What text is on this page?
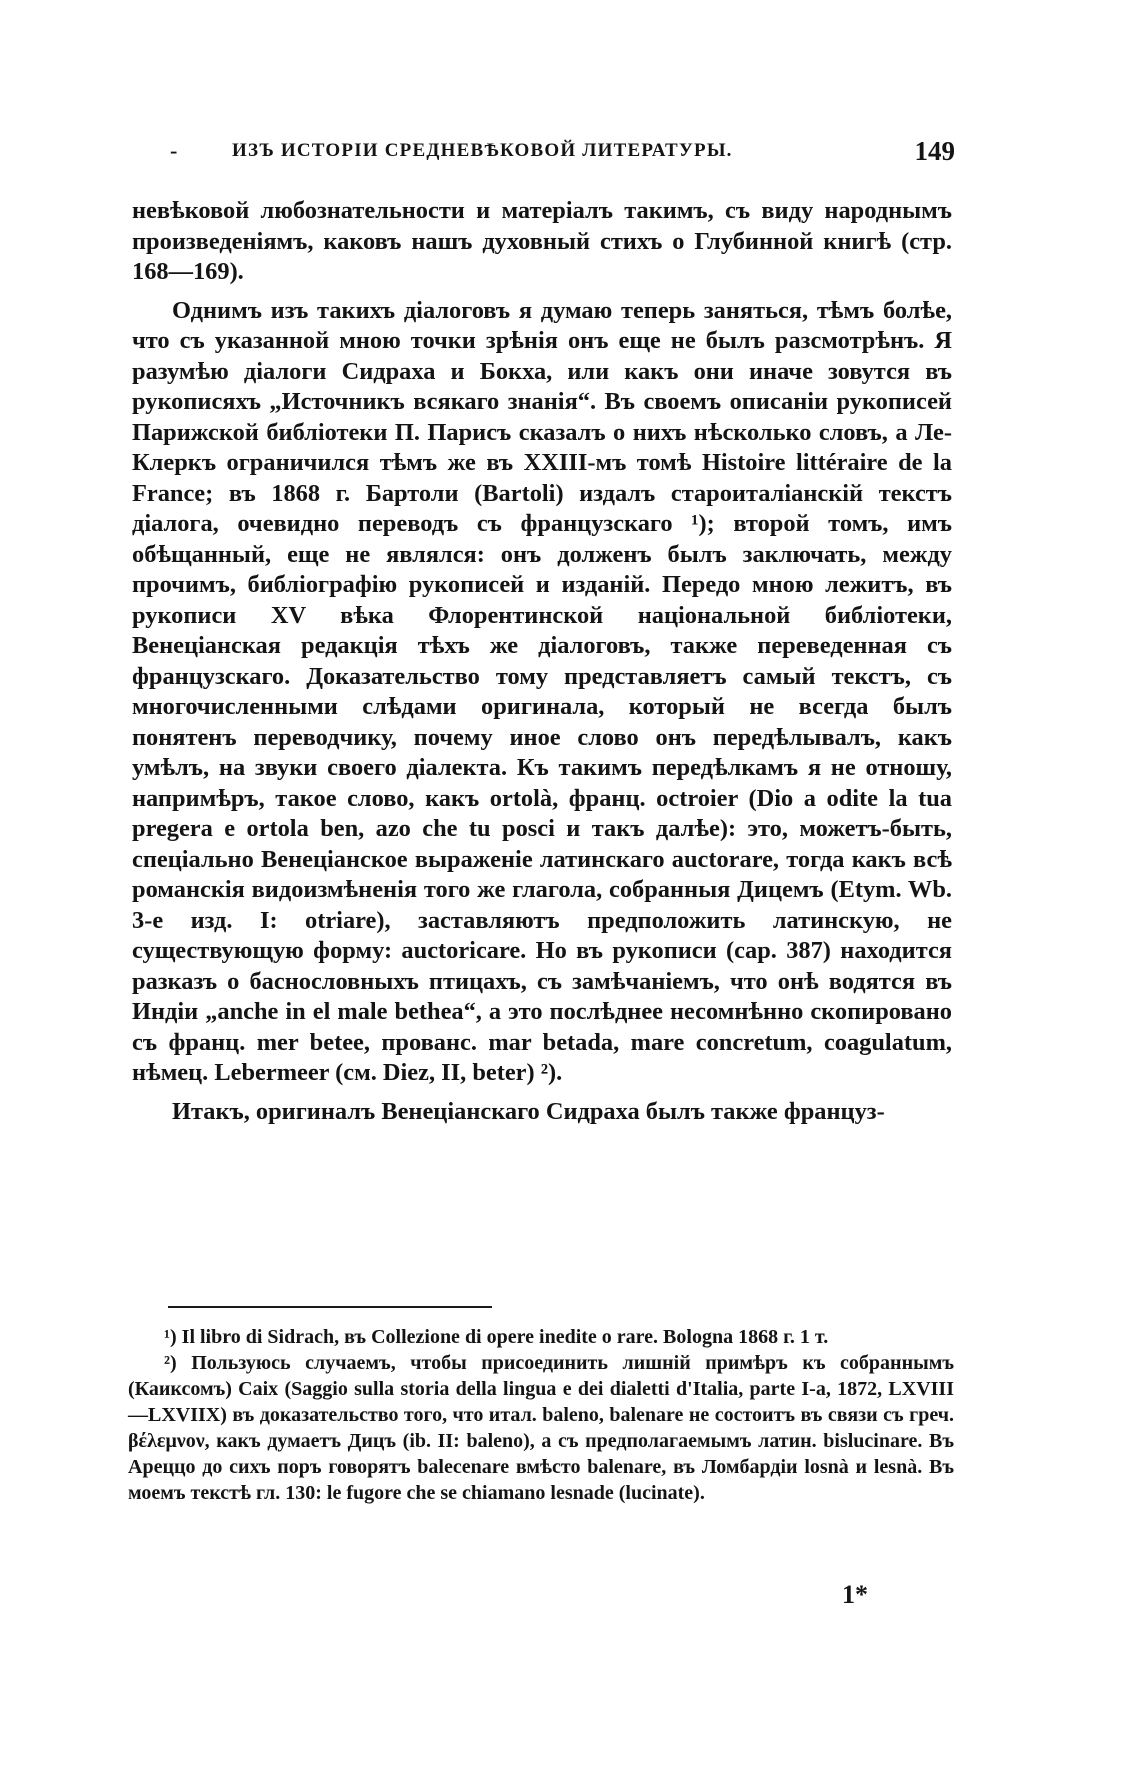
-	ИЗЪ ИСТОРІИ СРЕДНЕВѢКОВОЙ ЛИТЕРАТУРЫ.	149

невѣковой любознательности и матеріалъ такимъ, съ виду народнымъ произведеніямъ, каковъ нашъ духовный стихъ о Глубинной книгѣ (стр. 168—169).

Однимъ изъ такихъ діалоговъ я думаю теперь заняться, тѣмъ болѣе, что съ указанной мною точки зрѣнія онъ еще не былъ разсмотрѣнъ. Я разумѣю діалоги Сидраха и Бокха, или какъ они иначе зовутся въ рукописяхъ „Источникъ всякаго знанія“. Въ своемъ описаніи рукописей Парижской библіотеки П. Парисъ сказалъ о нихъ нѣсколько словъ, а Ле-Клеркъ ограничился тѣмъ же въ XXIII-мъ томѣ Histoire littéraire de la France; въ 1868 г. Бартоли (Bartoli) издалъ староиталіанскій текстъ діалога, очевидно переводъ съ французскаго ¹); второй томъ, имъ обѣщанный, еще не являлся: онъ долженъ былъ заключать, между прочимъ, библіографію рукописей и изданій. Передо мною лежитъ, въ рукописи XV вѣка Флорентинской національной библіотеки, Венеціанская редакція тѣхъ же діалоговъ, также переведенная съ французскаго. Доказательство тому представляетъ самый текстъ, съ многочисленными слѣдами оригинала, который не всегда былъ понятенъ переводчику, почему иное слово онъ передѣлывалъ, какъ умѣлъ, на звуки своего діалекта. Къ такимъ передѣлкамъ я не отношу, напримѣръ, такое слово, какъ ortolà, франц. octroier (Dio a odite la tua pregera e ortola ben, azo che tu posci и такъ далѣе): это, можетъ-быть, спеціально Венеціанское выраженіе латинскаго auctorare, тогда какъ всѣ романскія видоизмѣненія того же глагола, собранныя Дицемъ (Etym. Wb. 3-е изд. I: otriare), заставляютъ предположить латинскую, не существующую форму: auctoricare. Но въ рукописи (cap. 387) находится разказъ о баснословныхъ птицахъ, съ замѣчаніемъ, что онѣ водятся въ Индіи „anche in el male bethea“, а это послѣднее несомнѣнно скопировано съ франц. mer betee, прованс. mar betada, mare concretum, coagulatum, нѣмец. Lebermeer (см. Diez, II, beter) ²).

Итакъ, оригиналъ Венеціанскаго Сидраха былъ также француз-

¹) Il libro di Sidrach, въ Collezione di opere inedite o rare. Bologna 1868 г. 1 т.

²) Пользуюсь случаемъ, чтобы присоединить лишній примѣръ къ собраннымъ (Каиксомъ) Caix (Saggio sulla storia della lingua e dei dialetti d'Italia, parte I-a, 1872, LXVIII—LXVIIX) въ доказательство того, что итал. baleno, balenare не состоитъ въ связи съ греч. βέλεμνον, какъ думаетъ Дицъ (ib. II: baleno), а съ предполагаемымъ латин. bislucinare. Въ Ареццо до сихъ поръ говорятъ balecenare вмѣсто balenare, въ Ломбардіи losnà и lesnà. Въ моемъ текстѣ гл. 130: le fugore che se chiamano lesnade (lucinate).

1*
